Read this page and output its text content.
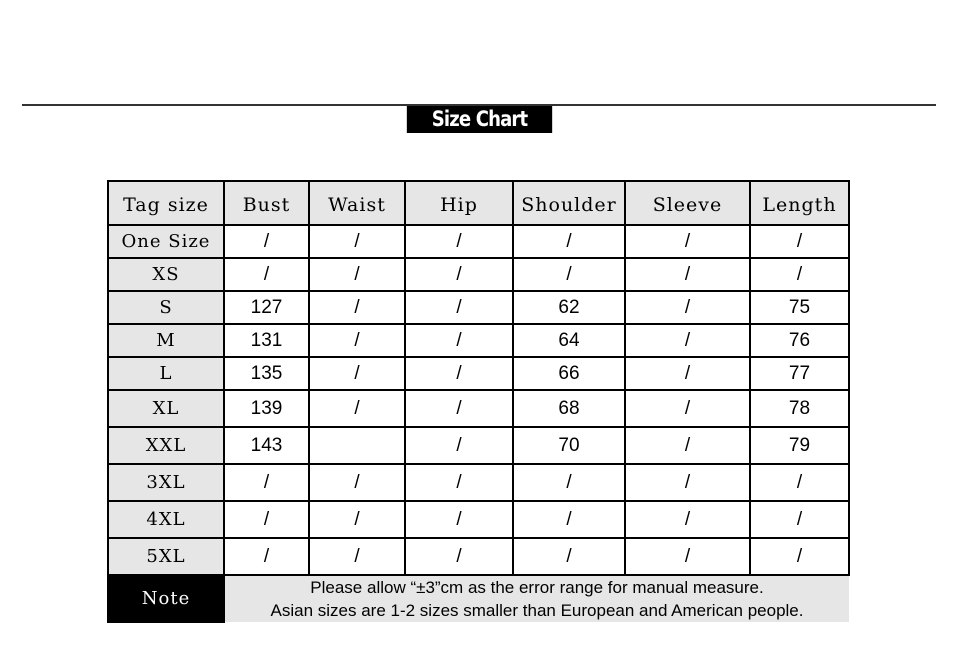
Size Chart
Tag size	Bust	Waist	Hip	Shoulder	Sleeve	Length
One Size	/	/	/	/	/	/
XS	/	/	/	/	/	/
S	127	/	/	62	/	75
M	131	/	/	64	/	76
L	135	/	/	66	/	77
XL	139	/	/	68	/	78
XXL	143		/	70	/	79
3XL	/	/	/	/	/	/
4XL	/	/	/	/	/	/
5XL	/	/	/	/	/	/
Note	Please allow “±3”cm as the error range for manual measure.
Asian sizes are 1-2 sizes smaller than European and American people.					
